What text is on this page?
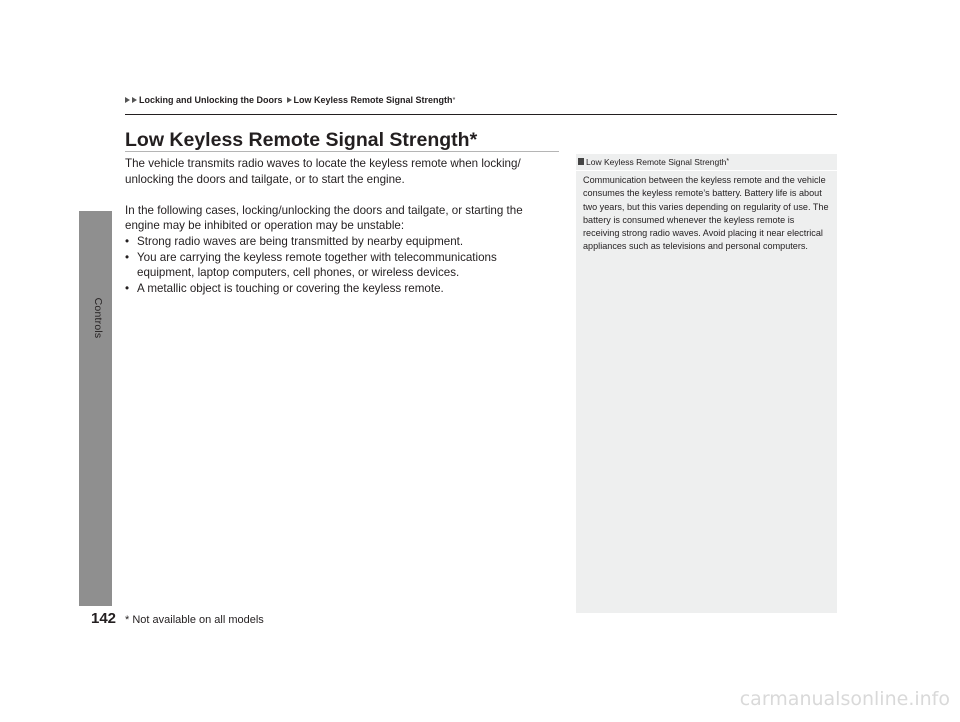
Controls
Locking and Unlocking the Doors Low Keyless Remote Signal Strength *
Low Keyless Remote Signal Strength*

The vehicle transmits radio waves to locate the keyless remote when locking/ unlocking the doors and tailgate, or to start the engine.

In the following cases, locking/unlocking the doors and tailgate, or starting the engine may be inhibited or operation may be unstable:

• Strong radio waves are being transmitted by nearby equipment.
• You are carrying the keyless remote together with telecommunications equipment, laptop computers, cell phones, or wireless devices.
• A metallic object is touching or covering the keyless remote.
Low Keyless Remote Signal Strength *
Communication between the keyless remote and the vehicle consumes the keyless remote’s battery. Battery life is about two years, but this varies depending on regularity of use. The battery is consumed whenever the keyless remote is receiving strong radio waves. Avoid placing it near electrical appliances such as televisions and personal computers.
142 * Not available on all models
carmanualsonline.info
